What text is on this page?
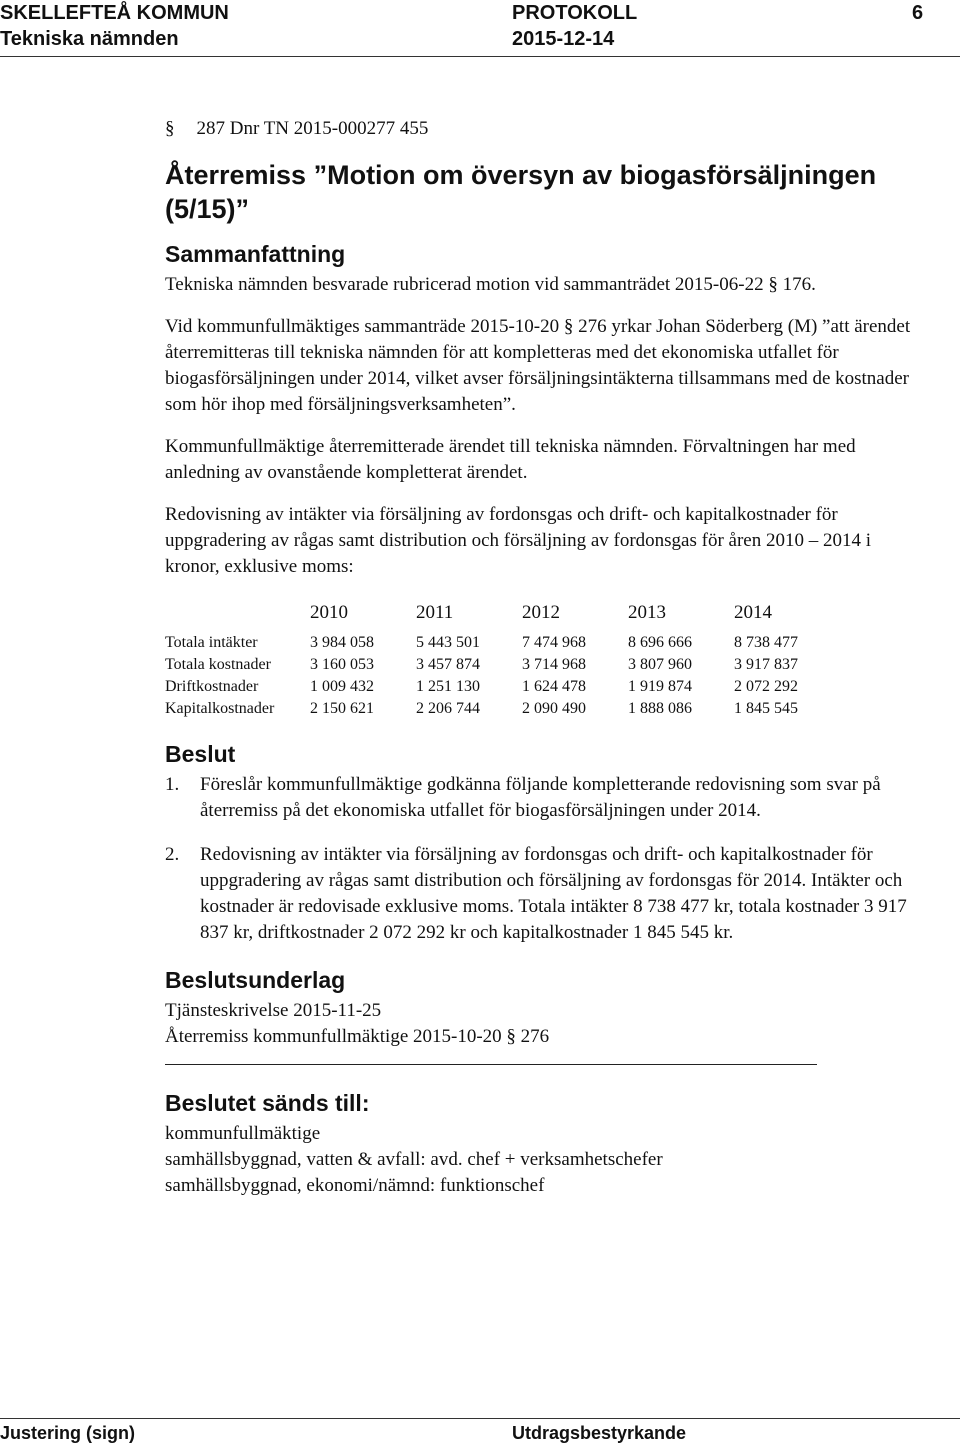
SKELLEFTEÅ KOMMUN
Tekniska nämnden
PROTOKOLL
2015-12-14
6
§ 287 Dnr TN 2015-000277 455
Återremiss ”Motion om översyn av biogasförsäljningen (5/15)”
Sammanfattning

Tekniska nämnden besvarade rubricerad motion vid sammanträdet 2015-06-22 § 176.

Vid kommunfullmäktiges sammanträde 2015-10-20 § 276 yrkar Johan Söderberg (M) ”att ärendet återremitteras till tekniska nämnden för att kompletteras med det ekonomiska utfallet för biogasförsäljningen under 2014, vilket avser försäljningsintäkterna tillsammans med de kostnader som hör ihop med försäljningsverksamheten”.

Kommunfullmäktige återremitterade ärendet till tekniska nämnden. Förvaltningen har med anledning av ovanstående kompletterat ärendet.

Redovisning av intäkter via försäljning av fordonsgas och drift- och kapitalkostnader för uppgradering av rågas samt distribution och försäljning av fordonsgas för åren 2010 – 2014 i kronor, exklusive moms:

	2010	2011	2012	2013	2014
Totala intäkter	3 984 058	5 443 501	7 474 968	8 696 666	8 738 477
Totala kostnader	3 160 053	3 457 874	3 714 968	3 807 960	3 917 837
Driftkostnader	1 009 432	1 251 130	1 624 478	1 919 874	2 072 292
Kapitalkostnader	2 150 621	2 206 744	2 090 490	1 888 086	1 845 545
Beslut
1. Föreslår kommunfullmäktige godkänna följande kompletterande redovisning som svar på återremiss på det ekonomiska utfallet för biogasförsäljningen under 2014.
2. Redovisning av intäkter via försäljning av fordonsgas och drift- och kapitalkostnader för uppgradering av rågas samt distribution och försäljning av fordonsgas för 2014. Intäkter och kostnader är redovisade exklusive moms. Totala intäkter 8 738 477 kr, totala kostnader 3 917 837 kr, driftkostnader 2 072 292 kr och kapitalkostnader 1 845 545 kr.
Beslutsunderlag

Tjänsteskrivelse 2015-11-25

Återremiss kommunfullmäktige 2015-10-20 § 276

Beslutet sänds till:

kommunfullmäktige

samhällsbyggnad, vatten & avfall: avd. chef + verksamhetschefer

samhällsbyggnad, ekonomi/nämnd: funktionschef

Justering (sign)	Utdragsbestyrkande
